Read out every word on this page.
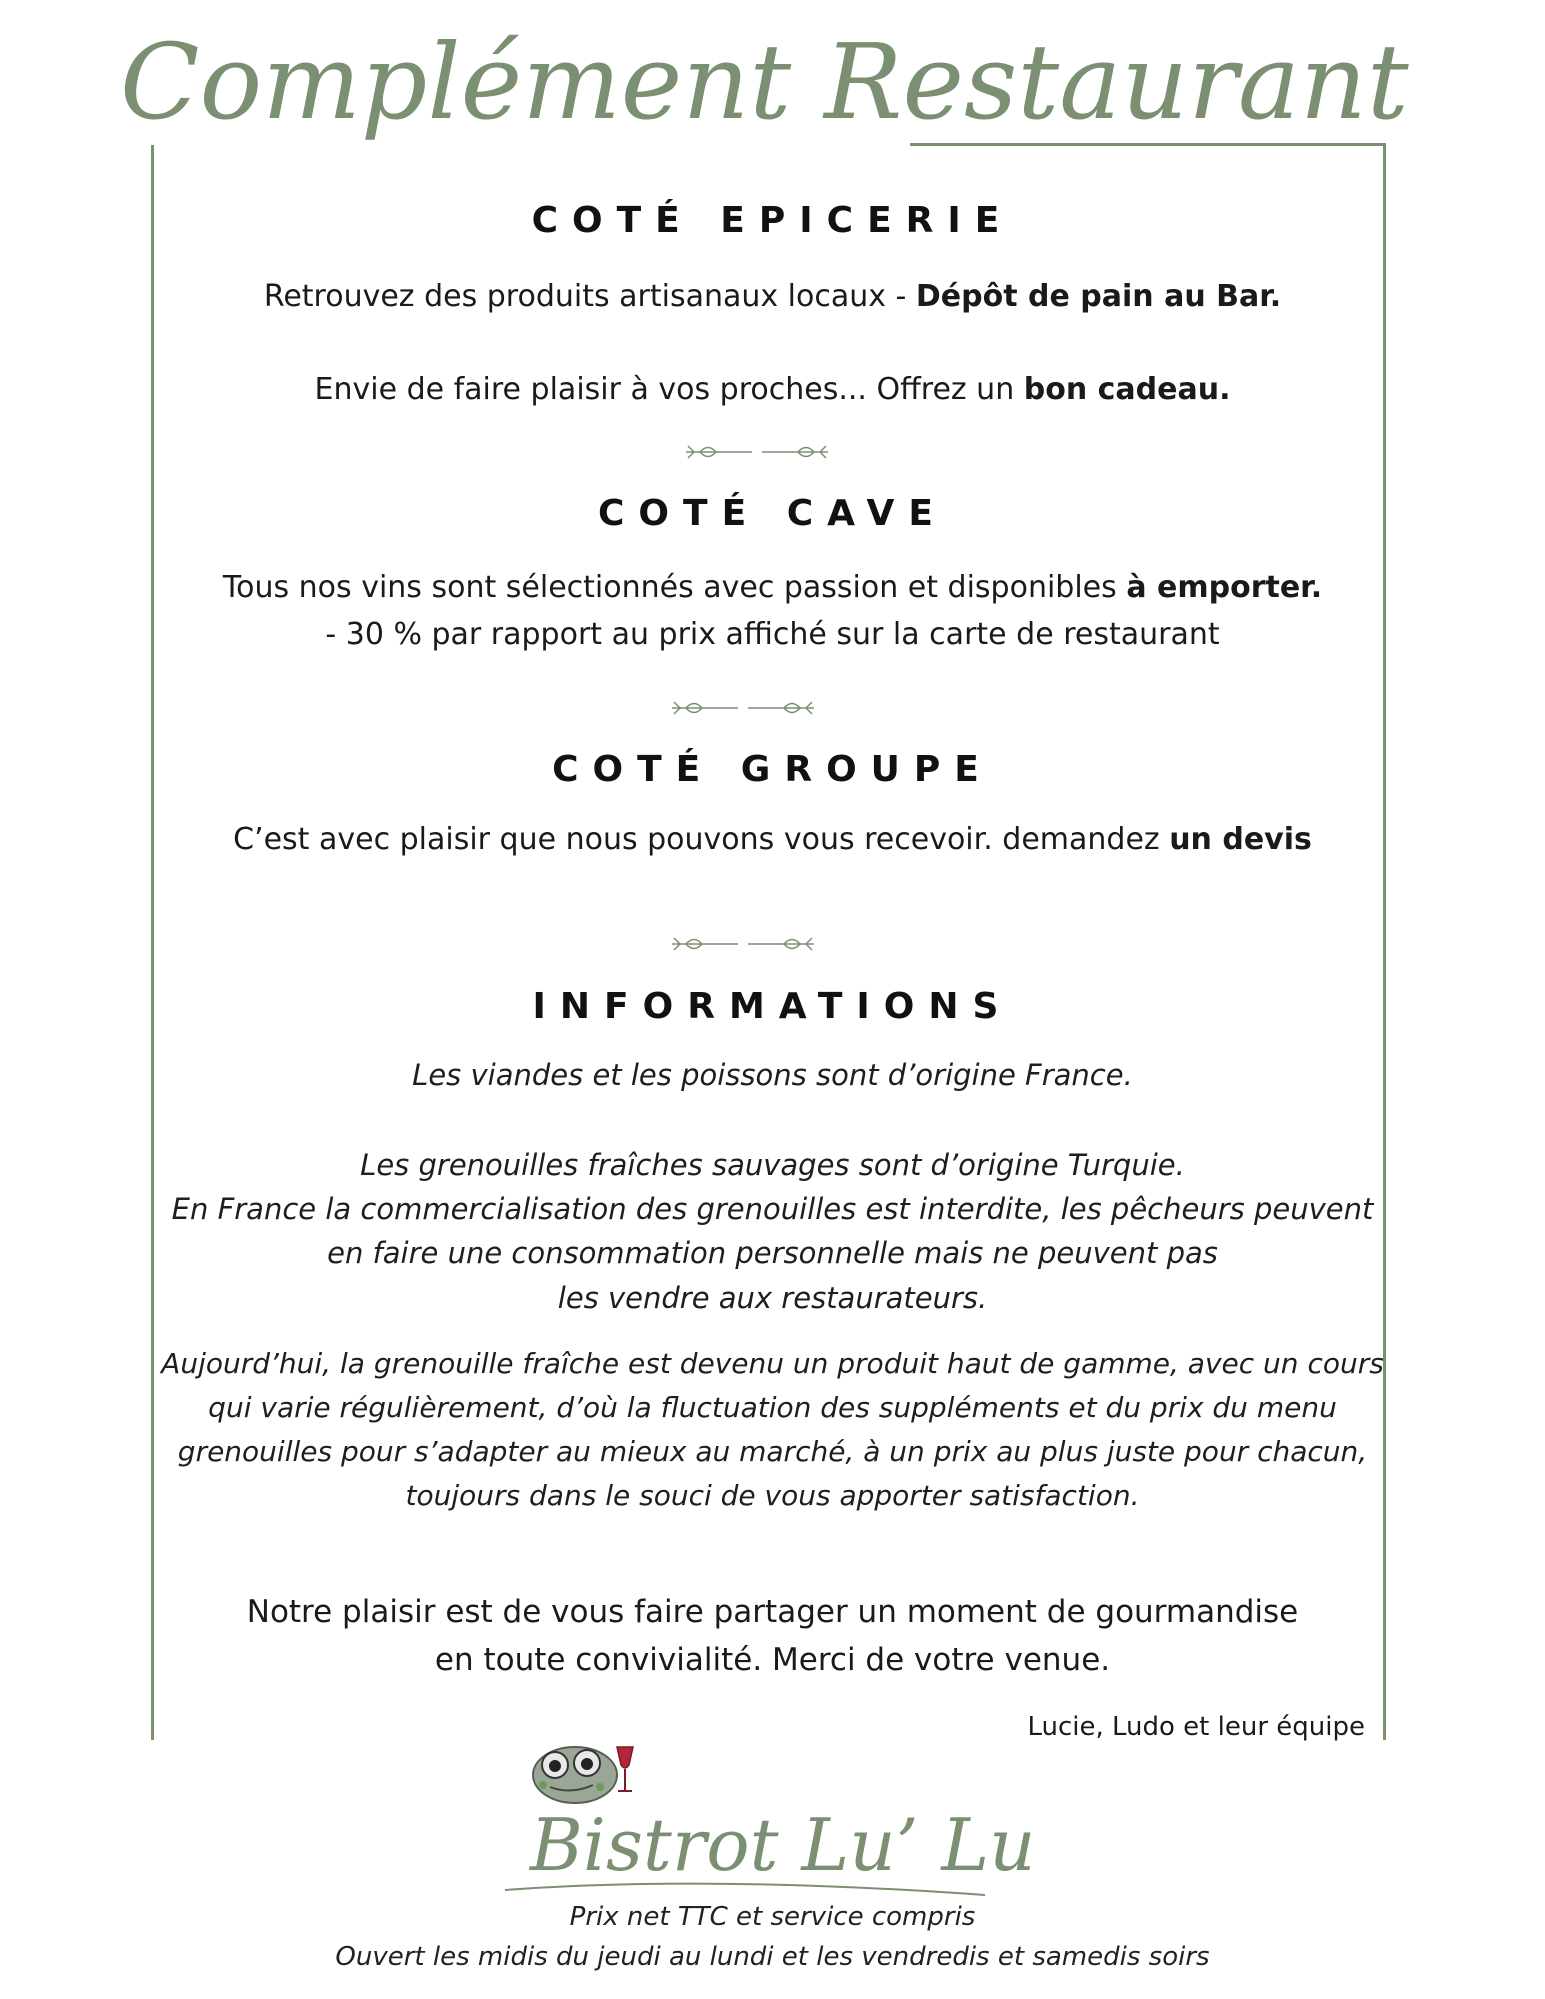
Complément Restaurant
COTÉ EPICERIE
Retrouvez des produits artisanaux locaux - Dépôt de pain au Bar.
Envie de faire plaisir à vos proches... Offrez un bon cadeau.
COTÉ CAVE
Tous nos vins sont sélectionnés avec passion et disponibles à emporter.
- 30 % par rapport au prix affiché sur la carte de restaurant
COTÉ GROUPE
C’est avec plaisir que nous pouvons vous recevoir. demandez un devis
INFORMATIONS
Les viandes et les poissons sont d’origine France.
Les grenouilles fraîches sauvages sont d’origine Turquie.
En France la commercialisation des grenouilles est interdite, les pêcheurs peuvent
en faire une consommation personnelle mais ne peuvent pas
les vendre aux restaurateurs.
Aujourd’hui, la grenouille fraîche est devenu un produit haut de gamme, avec un cours
qui varie régulièrement, d’où la fluctuation des suppléments et du prix du menu
grenouilles pour s’adapter au mieux au marché, à un prix au plus juste pour chacun,
toujours dans le souci de vous apporter satisfaction.
Notre plaisir est de vous faire partager un moment de gourmandise
en toute convivialité. Merci de votre venue.
Lucie, Ludo et leur équipe
Bistrot Lu’ Lu
Prix net TTC et service compris
Ouvert les midis du jeudi au lundi et les vendredis et samedis soirs
